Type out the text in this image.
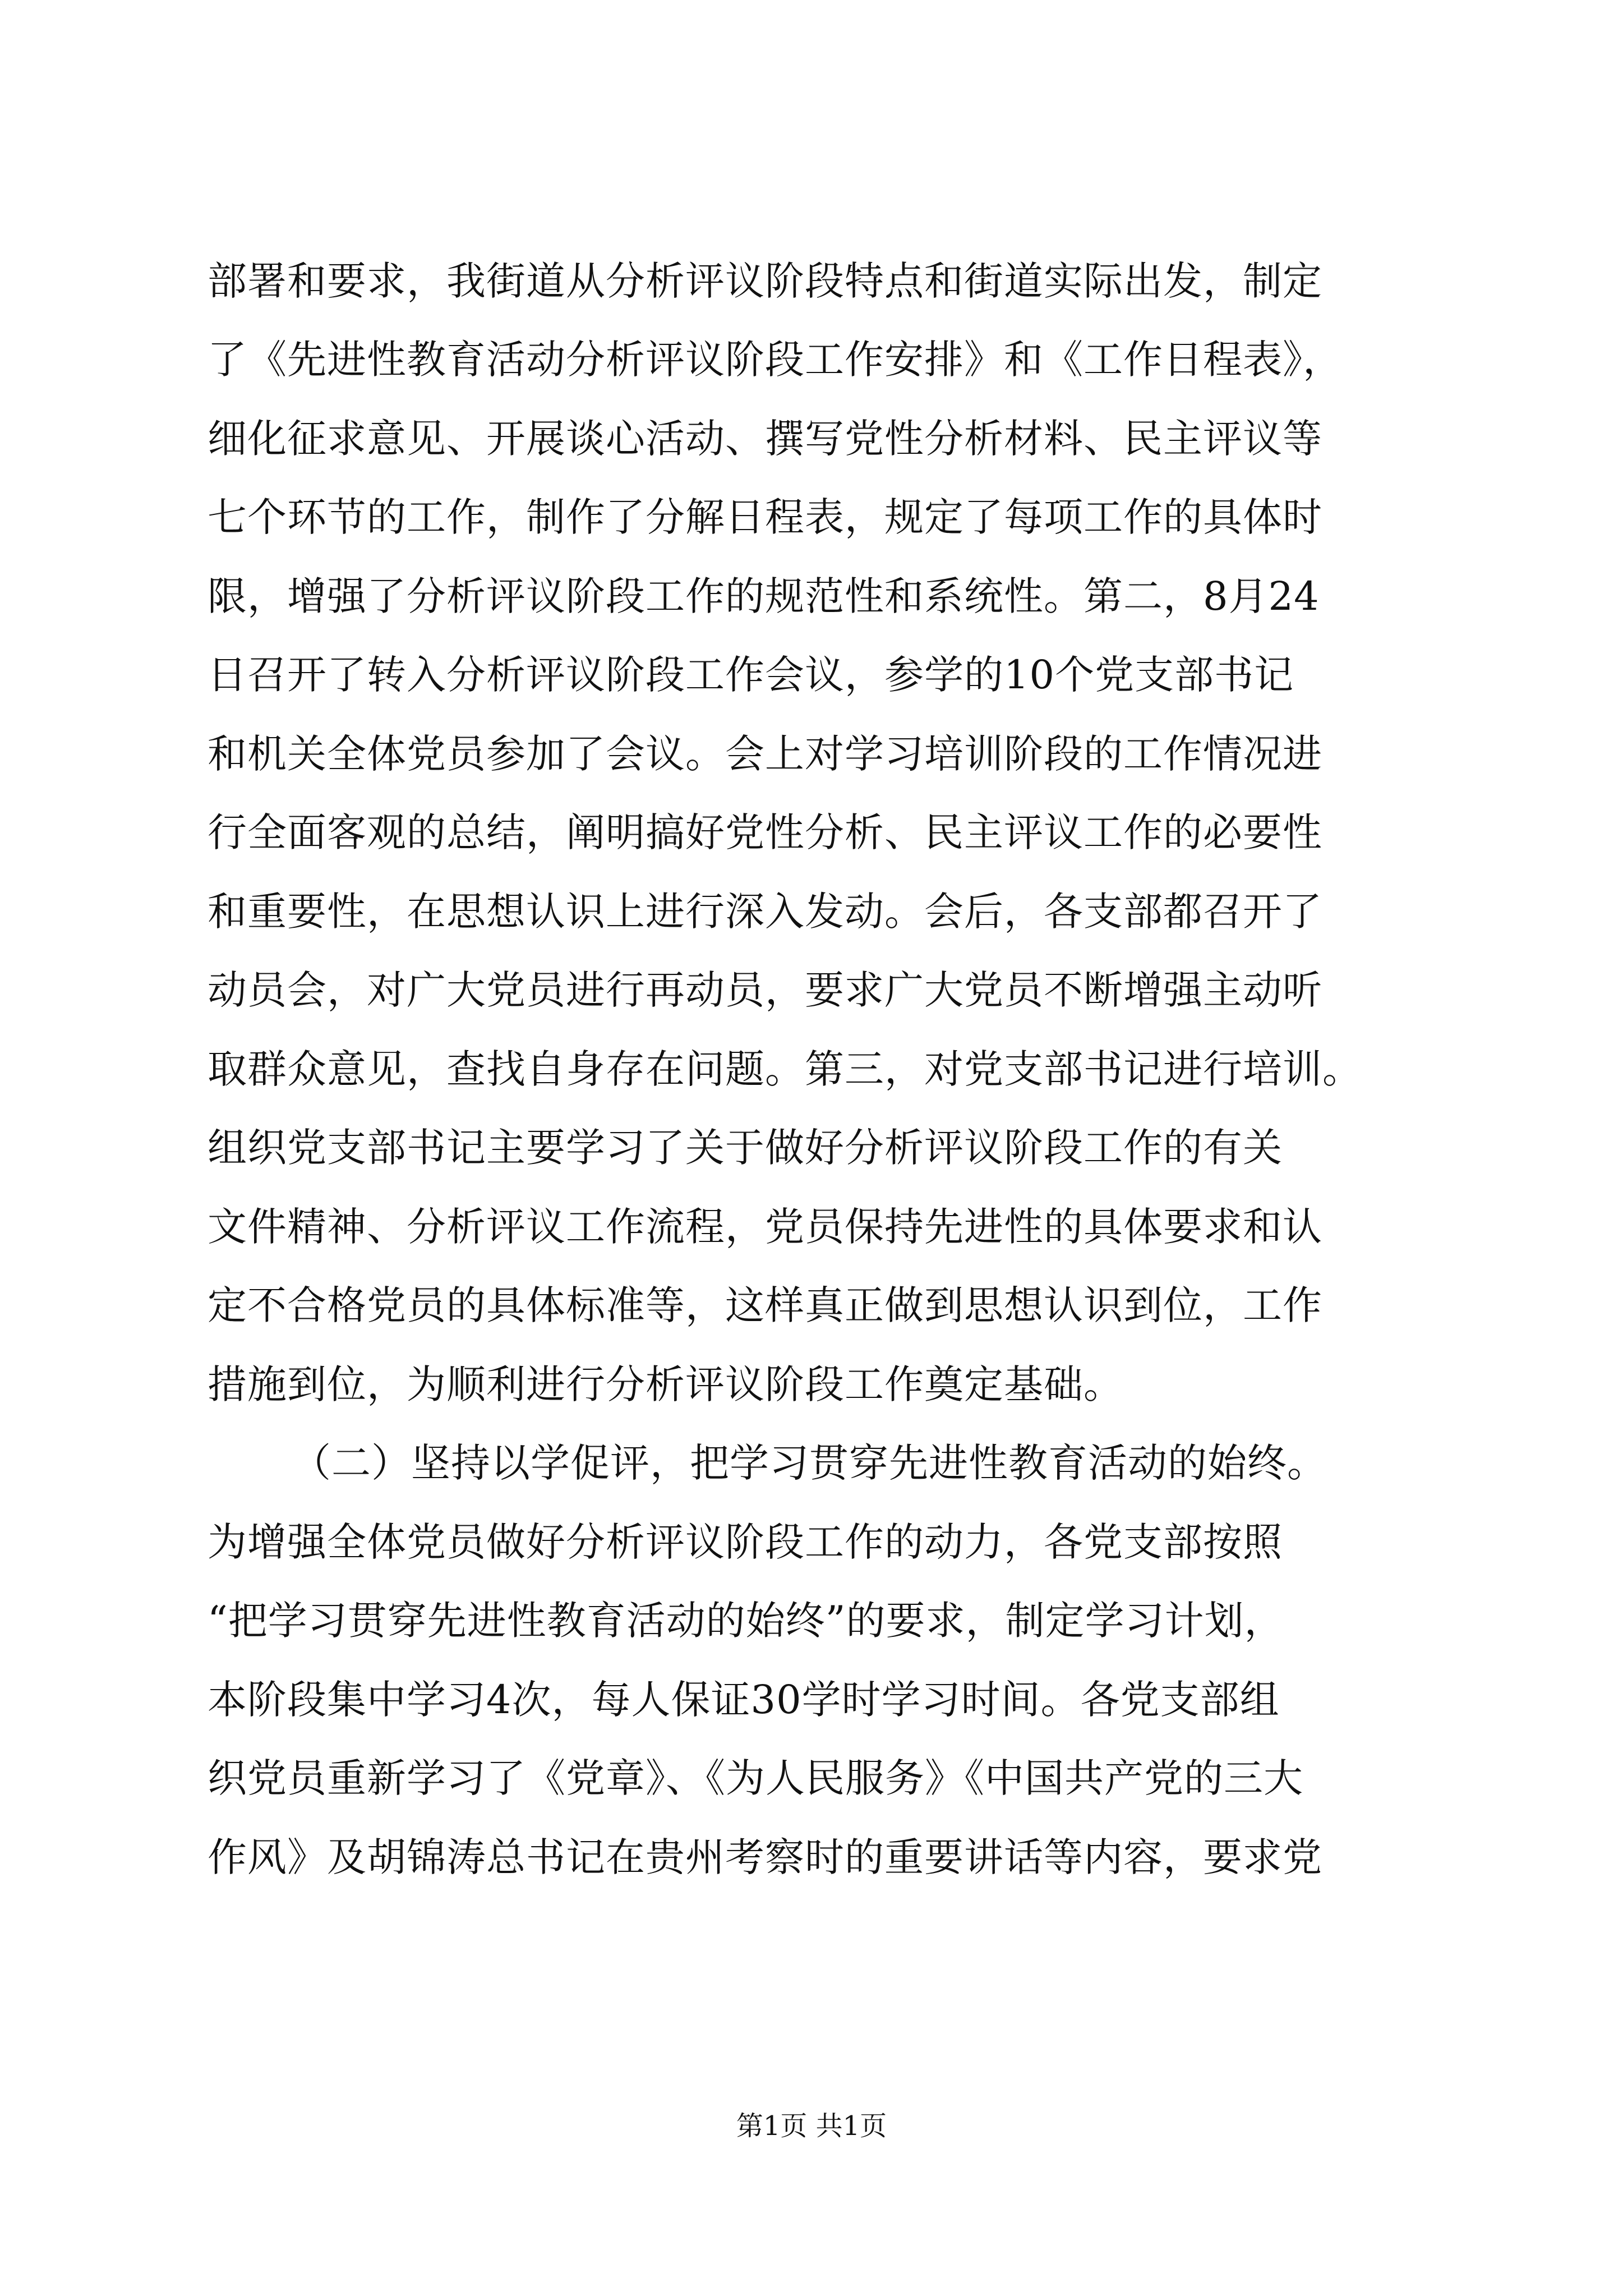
部署和要求，我街道从分析评议阶段特点和街道实际出发，制定
了《先进性教育活动分析评议阶段工作安排》和《工作日程表》，
细化征求意见、开展谈心活动、撰写党性分析材料、民主评议等
七个环节的工作，制作了分解日程表，规定了每项工作的具体时
限，增强了分析评议阶段工作的规范性和系统性。第二，8月24
日召开了转入分析评议阶段工作会议，参学的10个党支部书记
和机关全体党员参加了会议。会上对学习培训阶段的工作情况进
行全面客观的总结，阐明搞好党性分析、民主评议工作的必要性
和重要性，在思想认识上进行深入发动。会后，各支部都召开了
动员会，对广大党员进行再动员，要求广大党员不断增强主动听
取群众意见，查找自身存在问题。第三，对党支部书记进行培训。
组织党支部书记主要学习了关于做好分析评议阶段工作的有关
文件精神、分析评议工作流程，党员保持先进性的具体要求和认
定不合格党员的具体标准等，这样真正做到思想认识到位，工作
措施到位，为顺利进行分析评议阶段工作奠定基础。
（二）坚持以学促评，把学习贯穿先进性教育活动的始终。
为增强全体党员做好分析评议阶段工作的动力，各党支部按照
“把学习贯穿先进性教育活动的始终”的要求，制定学习计划，
本阶段集中学习4次，每人保证30学时学习时间。各党支部组
织党员重新学习了《党章》、《为人民服务》《中国共产党的三大
作风》及胡锦涛总书记在贵州考察时的重要讲话等内容，要求党
第1页 共1页
